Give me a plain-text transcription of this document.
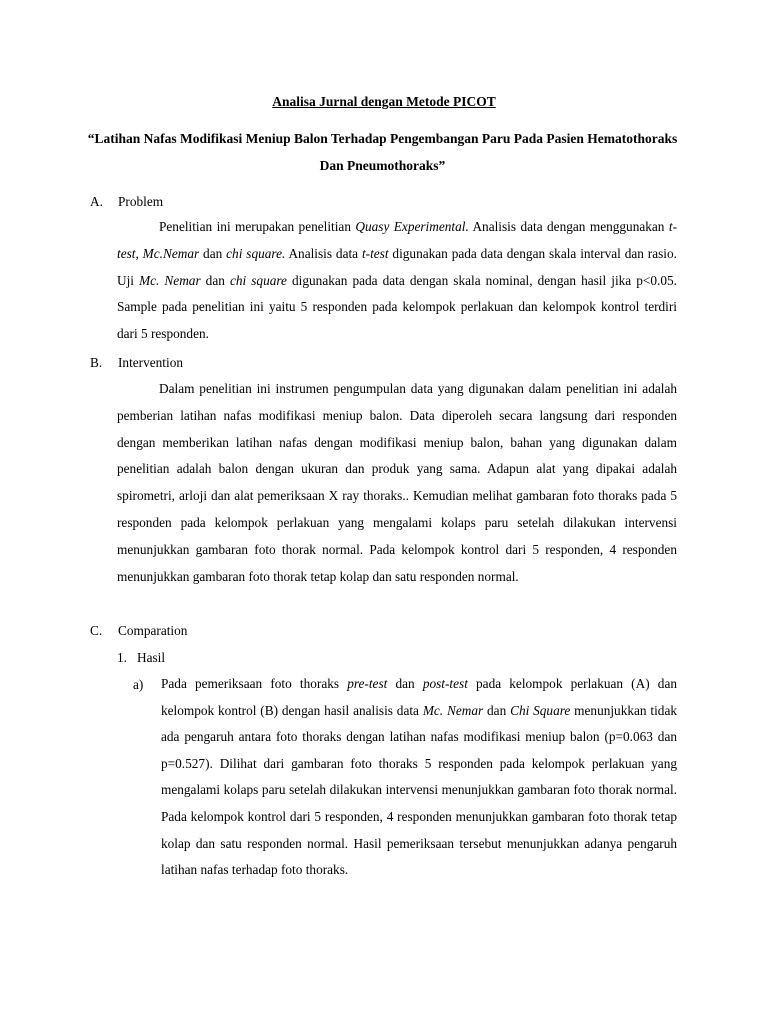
Analisa Jurnal dengan Metode PICOT
“Latihan Nafas Modifikasi Meniup Balon Terhadap Pengembangan Paru Pada Pasien Hematothoraks Dan Pneumothoraks”
A. Problem
Penelitian ini merupakan penelitian Quasy Experimental. Analisis data dengan menggunakan t-test, Mc.Nemar dan chi square. Analisis data t-test digunakan pada data dengan skala interval dan rasio. Uji Mc. Nemar dan chi square digunakan pada data dengan skala nominal, dengan hasil jika p<0.05. Sample pada penelitian ini yaitu 5 responden pada kelompok perlakuan dan kelompok kontrol terdiri dari 5 responden.
B. Intervention
Dalam penelitian ini instrumen pengumpulan data yang digunakan dalam penelitian ini adalah pemberian latihan nafas modifikasi meniup balon. Data diperoleh secara langsung dari responden dengan memberikan latihan nafas dengan modifikasi meniup balon, bahan yang digunakan dalam penelitian adalah balon dengan ukuran dan produk yang sama. Adapun alat yang dipakai adalah spirometri, arloji dan alat pemeriksaan X ray thoraks.. Kemudian melihat gambaran foto thoraks pada 5 responden pada kelompok perlakuan yang mengalami kolaps paru setelah dilakukan intervensi menunjukkan gambaran foto thorak normal. Pada kelompok kontrol dari 5 responden, 4 responden menunjukkan gambaran foto thorak tetap kolap dan satu responden normal.
C. Comparation
1. Hasil
a) Pada pemeriksaan foto thoraks pre-test dan post-test pada kelompok perlakuan (A) dan kelompok kontrol (B) dengan hasil analisis data Mc. Nemar dan Chi Square menunjukkan tidak ada pengaruh antara foto thoraks dengan latihan nafas modifikasi meniup balon (p=0.063 dan p=0.527). Dilihat dari gambaran foto thoraks 5 responden pada kelompok perlakuan yang mengalami kolaps paru setelah dilakukan intervensi menunjukkan gambaran foto thorak normal. Pada kelompok kontrol dari 5 responden, 4 responden menunjukkan gambaran foto thorak tetap kolap dan satu responden normal. Hasil pemeriksaan tersebut menunjukkan adanya pengaruh latihan nafas terhadap foto thoraks.
